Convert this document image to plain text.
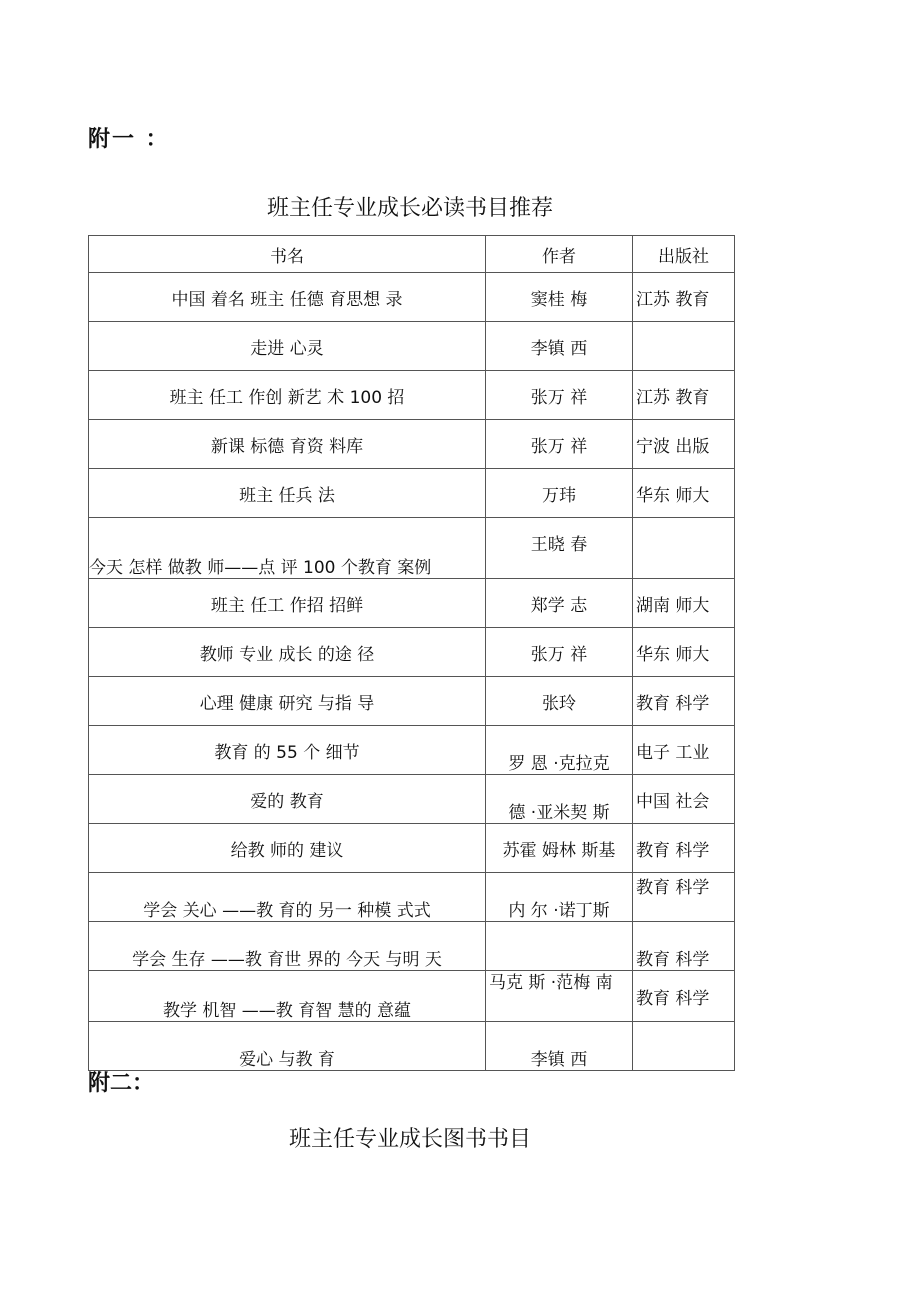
附一 ：
班主任专业成长必读书目推荐
书名	作者	出版社
中国 着名 班主 任德 育思想 录	窦桂 梅	江苏 教育
走进 心灵	李镇 西	
班主 任工 作创 新艺 术 100 招	张万 祥	江苏 教育
新课 标德 育资 料库	张万 祥	宁波 出版
班主 任兵 法	万玮	华东 师大
今天 怎样 做教 师——点 评 100 个教育 案例	王晓 春	
班主 任工 作招 招鲜	郑学 志	湖南 师大
教师 专业 成长 的途 径	张万 祥	华东 师大
心理 健康 研究 与指 导	张玲	教育 科学
教育 的 55 个 细节	罗 恩 ·克拉克	电子 工业
爱的 教育	德 ·亚米契 斯	中国 社会
给教 师的 建议	苏霍 姆林 斯基	教育 科学
学会 关心 ——教 育的 另一 种模 式式	内 尔 ·诺丁斯	教育 科学
学会 生存 ——教 育世 界的 今天 与明 天		教育 科学
教学 机智 ——教 育智 慧的 意蕴	马克 斯 ·范梅 南	教育 科学
爱心 与教 育	李镇 西	
附二：
班主任专业成长图书书目
